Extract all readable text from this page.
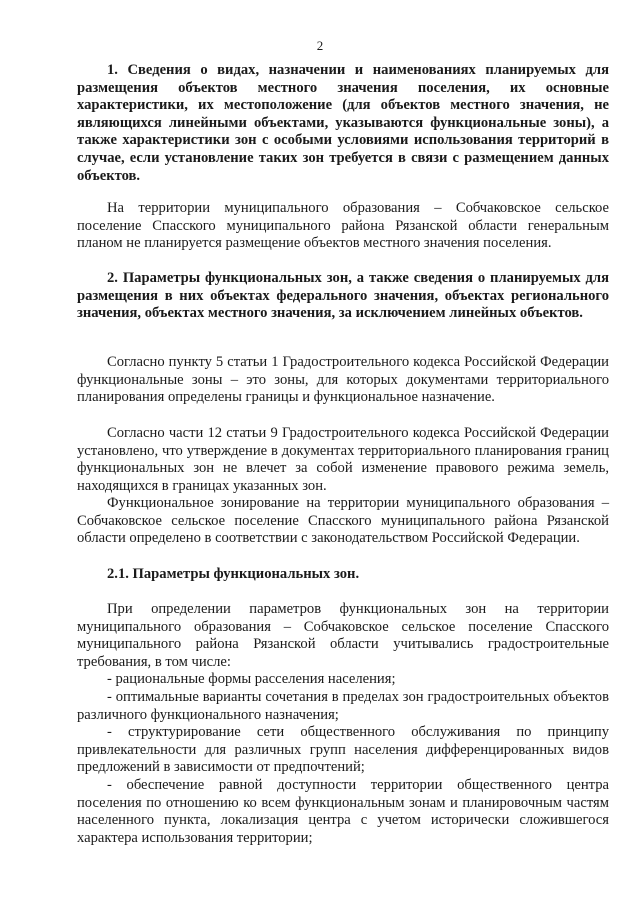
2

1. Сведения о видах, назначении и наименованиях планируемых для размещения объектов местного значения поселения, их основные характеристики, их местоположение (для объектов местного значения, не являющихся линейными объектами, указываются функциональные зоны), а также характеристики зон с особыми условиями использования территорий в случае, если установление таких зон требуется в связи с размещением данных объектов.

На территории муниципального образования – Собчаковское сельское поселение Спасского муниципального района Рязанской области генеральным планом не планируется размещение объектов местного значения поселения.

2. Параметры функциональных зон, а также сведения о планируемых для размещения в них объектах федерального значения, объектах регионального значения, объектах местного значения, за исключением линейных объектов.

Согласно пункту 5 статьи 1 Градостроительного кодекса Российской Федерации функциональные зоны – это зоны, для которых документами территориального планирования определены границы и функциональное назначение.

Согласно части 12 статьи 9 Градостроительного кодекса Российской Федерации установлено, что утверждение в документах территориального планирования границ функциональных зон не влечет за собой изменение правового режима земель, находящихся в границах указанных зон.

Функциональное зонирование на территории муниципального образования – Собчаковское сельское поселение Спасского муниципального района Рязанской области определено в соответствии с законодательством Российской Федерации.

2.1. Параметры функциональных зон.

При определении параметров функциональных зон на территории муниципального образования – Собчаковское сельское поселение Спасского муниципального района Рязанской области учитывались градостроительные требования, в том числе:

- рациональные формы расселения населения;

- оптимальные варианты сочетания в пределах зон градостроительных объектов различного функционального назначения;

- структурирование сети общественного обслуживания по принципу привлекательности для различных групп населения дифференцированных видов предложений в зависимости от предпочтений;

- обеспечение равной доступности территории общественного центра поселения по отношению ко всем функциональным зонам и планировочным частям населенного пункта, локализация центра с учетом исторически сложившегося характера использования территории;
